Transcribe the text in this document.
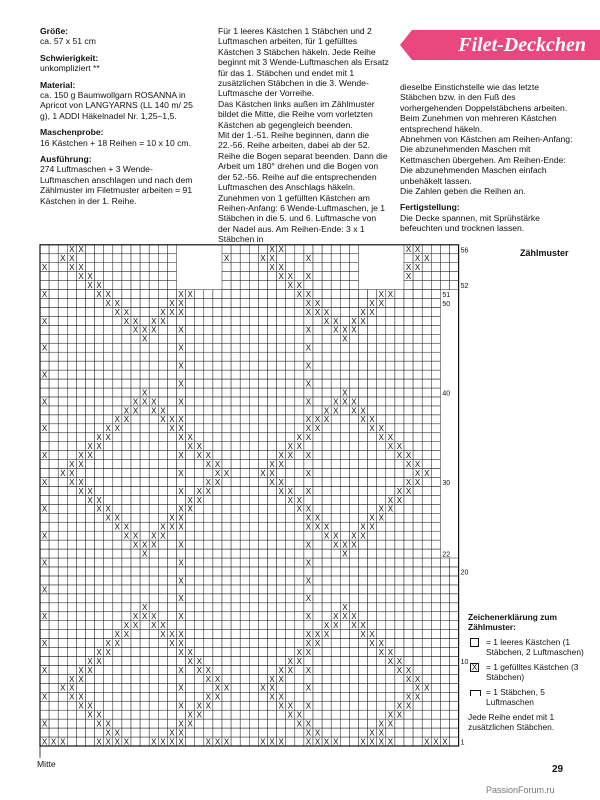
Filet-Deckchen
Größe:

ca. 57 x 51 cm

Schwierigkeit:

unkompliziert **

Material:

ca. 150 g Baumwollgarn ROSANNA in Apricot von LANGYARNS (LL 140 m/ 25 g), 1 ADDI Häkelnadel Nr. 1,25–1,5.

Maschenprobe:

16 Kästchen + 18 Reihen = 10 x 10 cm.

Ausführung:

274 Luftmaschen + 3 Wende-Luftmaschen anschlagen und nach dem Zählmuster im Filetmuster arbeiten = 91 Kästchen in der 1. Reihe.

Für 1 leeres Kästchen 1 Stäbchen und 2 Luftmaschen arbeiten, für 1 gefülltes Kästchen 3 Stäbchen häkeln. Jede Reihe beginnt mit 3 Wende-Luftmaschen als Ersatz für das 1. Stäbchen und endet mit 1 zusätzlichen Stäbchen in die 3. Wende-Luftmasche der Vorreihe.

Das Kästchen links außen im Zählmuster bildet die Mitte, die Reihe vom vorletzten Kästchen ab gegengleich beenden.

Mit der 1.-51. Reihe beginnen, dann die 22.-56. Reihe arbeiten, dabei ab der 52. Reihe die Bogen separat beenden. Dann die Arbeit um 180° drehen und die Bogen von der 52.-56. Reihe auf die entsprechenden Luftmaschen des Anschlags häkeln.

Zunehmen von 1 gefüllten Kästchen am Reihen-Anfang: 6 Wende-Luftmaschen, je 1 Stäbchen in die 5. und 6. Luftmasche von der Nadel aus. Am Reihen-Ende: 3 x 1 Stäbchen in

dieselbe Einstichstelle wie das letzte Stäbchen bzw. in den Fuß des vorhergehenden Doppelstäbchens arbeiten. Beim Zunehmen von mehreren Kästchen entsprechend häkeln.

Abnehmen von Kästchen am Reihen-Anfang: Die abzunehmenden Maschen mit Kettmaschen übergehen. Am Reihen-Ende: Die abzunehmenden Maschen einfach unbehäkelt lassen.

Die Zahlen geben die Reihen an.

Fertigstellung:

Die Decke spannen, mit Sprühstärke befeuchten und trocknen lassen.

Zählmuster
X X X	X X X X	X X X X	X X X	X X X	X X X X	X X X X	X X X
X X	X X	X X	X X
X	X X	X X	X X	X X
X X	X X	X X	X X
X X	X X X	X X X	X X
X	X X	X X	X X	X X
X X	X	X X	X X	X	X X
X X	X X	X X	X X
X	X X	X X X	X X X	X X
X X	X X	X X	X X
X X	X X	X X	X X
X	X X	X X	X X	X X
X X	X X X	X X X	X X
X X X X	X X X X
X	X X X	X	X	X X X
X	X
X	X
X
X	X
X	X	X
X	X
X X X	X	X	X X X
X	X X X X	X X X X
X X	X X X	X X X	X X
X X	X X	X X	X X
X	X X	X X	X X	X X
X X	X X	X X	X X
X X	X X X	X X X	X X
X	X X	X X	X X	X X
X X	X	X X	X X	X	X X
X X	X X	X X	X X
X	X X	X X X	X X X	X X
X X	X X	X X	X X
X X	X X	X X	X X
X	X X	X X	X X	X X
X X	X X X	X X X	X X
X X X X	X X X X
X	X X X	X	X	X X X
X	X
X	X
X
X	X
X	X	X
X	X
X X X	X	X	X X X
X	X X X X	X X X X
X X	X X X	X X X	X X
X X	X X	X X	X X
X	X X	X X	X X	X X
X X	X X
X X	X X X	X
X	X X	X X	X X
X X	X	X X	X	X X
X X	X X	X X
1
10
20
22
30
40
50
51
52
56
Mitte
Zeichenerklärung zum Zählmuster:
= 1 leeres Kästchen (1 Stäbchen, 2 Luftmaschen)
X = 1 gefülltes Kästchen (3 Stäbchen)
= 1 Stäbchen, 5 Luftmaschen
Jede Reihe endet mit 1 zusätzlichen Stäbchen.
29
PassionForum.ru
